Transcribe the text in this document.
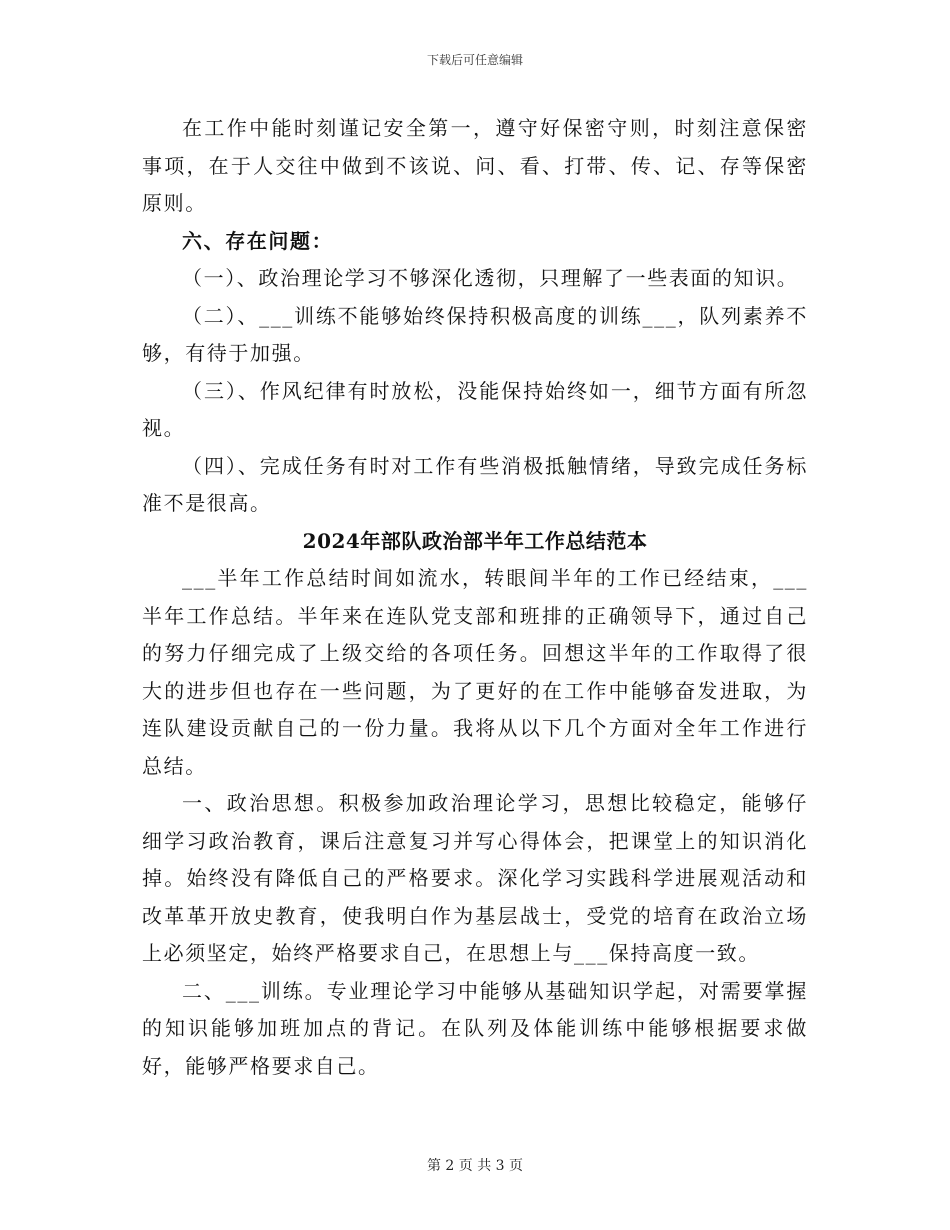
下载后可任意编辑

在工作中能时刻谨记安全第一，遵守好保密守则，时刻注意保密事项，在于人交往中做到不该说、问、看、打带、传、记、存等保密原则。

六、存在问题：

（一）、政治理论学习不够深化透彻，只理解了一些表面的知识。

（二）、___训练不能够始终保持积极高度的训练___，队列素养不够，有待于加强。

（三）、作风纪律有时放松，没能保持始终如一，细节方面有所忽视。

（四）、完成任务有时对工作有些消极抵触情绪，导致完成任务标准不是很高。

2024年部队政治部半年工作总结范本

___半年工作总结时间如流水，转眼间半年的工作已经结束，___半年工作总结。半年来在连队党支部和班排的正确领导下，通过自己的努力仔细完成了上级交给的各项任务。回想这半年的工作取得了很大的进步但也存在一些问题，为了更好的在工作中能够奋发进取，为连队建设贡献自己的一份力量。我将从以下几个方面对全年工作进行总结。

一、政治思想。积极参加政治理论学习，思想比较稳定，能够仔细学习政治教育，课后注意复习并写心得体会，把课堂上的知识消化掉。始终没有降低自己的严格要求。深化学习实践科学进展观活动和改革革开放史教育，使我明白作为基层战士，受党的培育在政治立场上必须坚定，始终严格要求自己，在思想上与___保持高度一致。

二、___训练。专业理论学习中能够从基础知识学起，对需要掌握的知识能够加班加点的背记。在队列及体能训练中能够根据要求做好，能够严格要求自己。

第 2 页 共 3 页
